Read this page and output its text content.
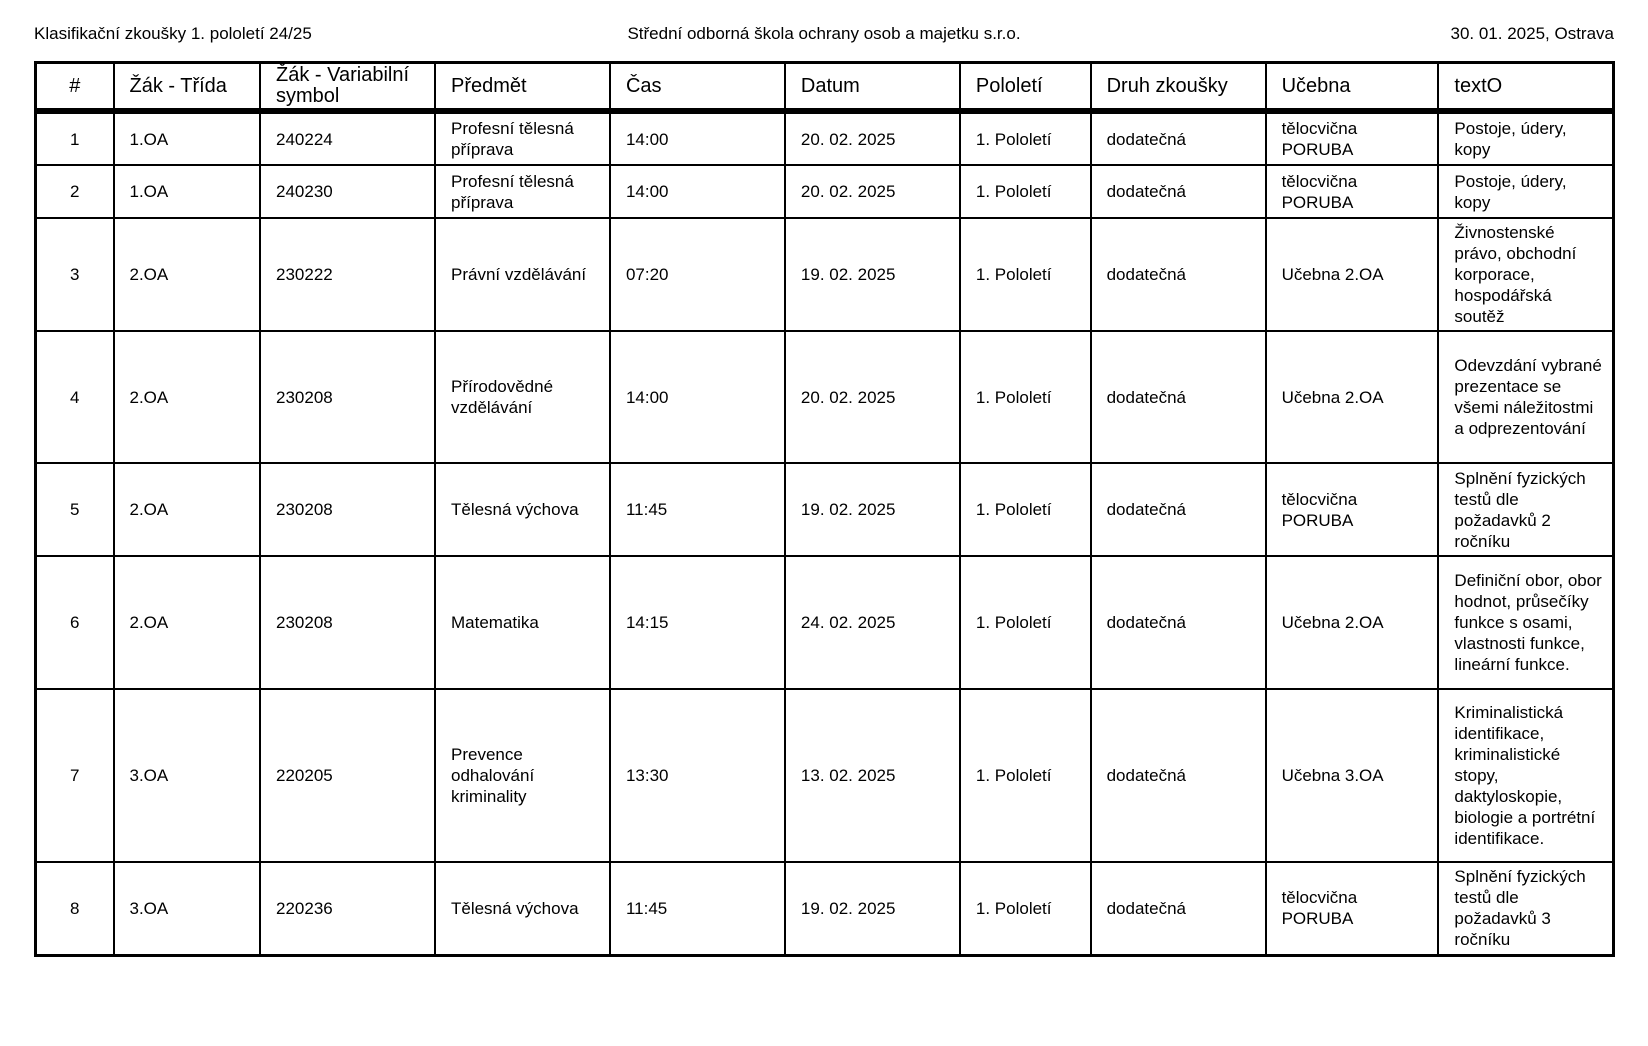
Klasifikační zkoušky 1. pololetí 24/25	Střední odborná škola ochrany osob a majetku s.r.o.	30. 01. 2025, Ostrava
#	Žák - Třída	Žák - Variabilní symbol	Předmět	Čas	Datum	Pololetí	Druh zkoušky	Učebna	textO
1	1.OA	240224	Profesní tělesná příprava	14:00	20. 02. 2025	1. Pololetí	dodatečná	tělocvična PORUBA	Postoje, údery, kopy
2	1.OA	240230	Profesní tělesná příprava	14:00	20. 02. 2025	1. Pololetí	dodatečná	tělocvična PORUBA	Postoje, údery, kopy
3	2.OA	230222	Právní vzdělávání	07:20	19. 02. 2025	1. Pololetí	dodatečná	Učebna 2.OA	Živnostenské právo, obchodní korporace, hospodářská soutěž
4	2.OA	230208	Přírodovědné vzdělávání	14:00	20. 02. 2025	1. Pololetí	dodatečná	Učebna 2.OA	Odevzdání vybrané prezentace se všemi náležitostmi a odprezentování
5	2.OA	230208	Tělesná výchova	11:45	19. 02. 2025	1. Pololetí	dodatečná	tělocvična PORUBA	Splnění fyzických testů dle požadavků 2 ročníku
6	2.OA	230208	Matematika	14:15	24. 02. 2025	1. Pololetí	dodatečná	Učebna 2.OA	Definiční obor, obor hodnot, průsečíky funkce s osami, vlastnosti funkce, lineární funkce.
7	3.OA	220205	Prevence odhalování kriminality	13:30	13. 02. 2025	1. Pololetí	dodatečná	Učebna 3.OA	Kriminalistická identifikace, kriminalistické stopy, daktyloskopie, biologie a portrétní identifikace.
8	3.OA	220236	Tělesná výchova	11:45	19. 02. 2025	1. Pololetí	dodatečná	tělocvična PORUBA	Splnění fyzických testů dle požadavků 3 ročníku
